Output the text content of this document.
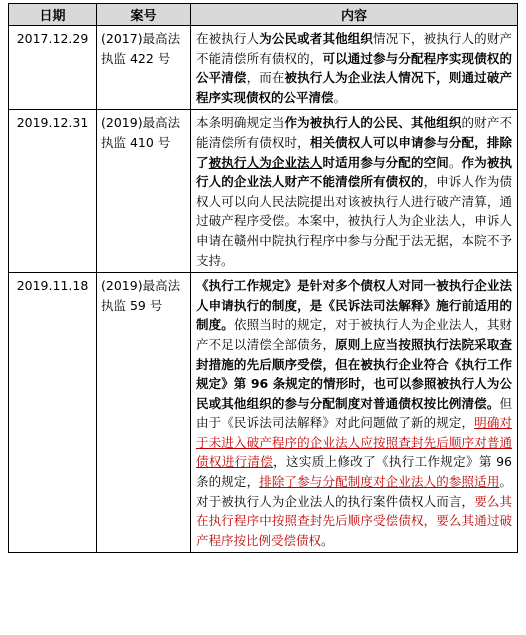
日期	案号	内容
2017.12.29	(2017)最高法执监 422 号	在被执行人为公民或者其他组织情况下，被执行人的财产不能清偿所有债权的，可以通过参与分配程序实现债权的公平清偿，而在被执行人为企业法人情况下，则通过破产程序实现债权的公平清偿。
2019.12.31	(2019)最高法执监 410 号	本条明确规定当作为被执行人的公民、其他组织的财产不能清偿所有债权时，相关债权人可以申请参与分配，排除了被执行人为企业法人时适用参与分配的空间。作为被执行人的企业法人财产不能清偿所有债权的，申诉人作为债权人可以向人民法院提出对该被执行人进行破产清算，通过破产程序受偿。本案中，被执行人为企业法人，申诉人申请在赣州中院执行程序中参与分配于法无据，本院不予支持。
2019.11.18	(2019)最高法执监 59 号	《执行工作规定》是针对多个债权人对同一被执行企业法人申请执行的制度，是《民诉法司法解释》施行前适用的制度。依照当时的规定，对于被执行人为企业法人，其财产不足以清偿全部债务，原则上应当按照执行法院采取查封措施的先后顺序受偿，但在被执行企业符合《执行工作规定》第 96 条规定的情形时，也可以参照被执行人为公民或其他组织的参与分配制度对普通债权按比例清偿。但由于《民诉法司法解释》对此问题做了新的规定，明确对于未进入破产程序的企业法人应按照查封先后顺序对普通债权进行清偿，这实质上修改了《执行工作规定》第 96 条的规定，排除了参与分配制度对企业法人的参照适用。对于被执行人为企业法人的执行案件债权人而言，要么其在执行程序中按照查封先后顺序受偿债权，要么其通过破产程序按比例受偿债权。
